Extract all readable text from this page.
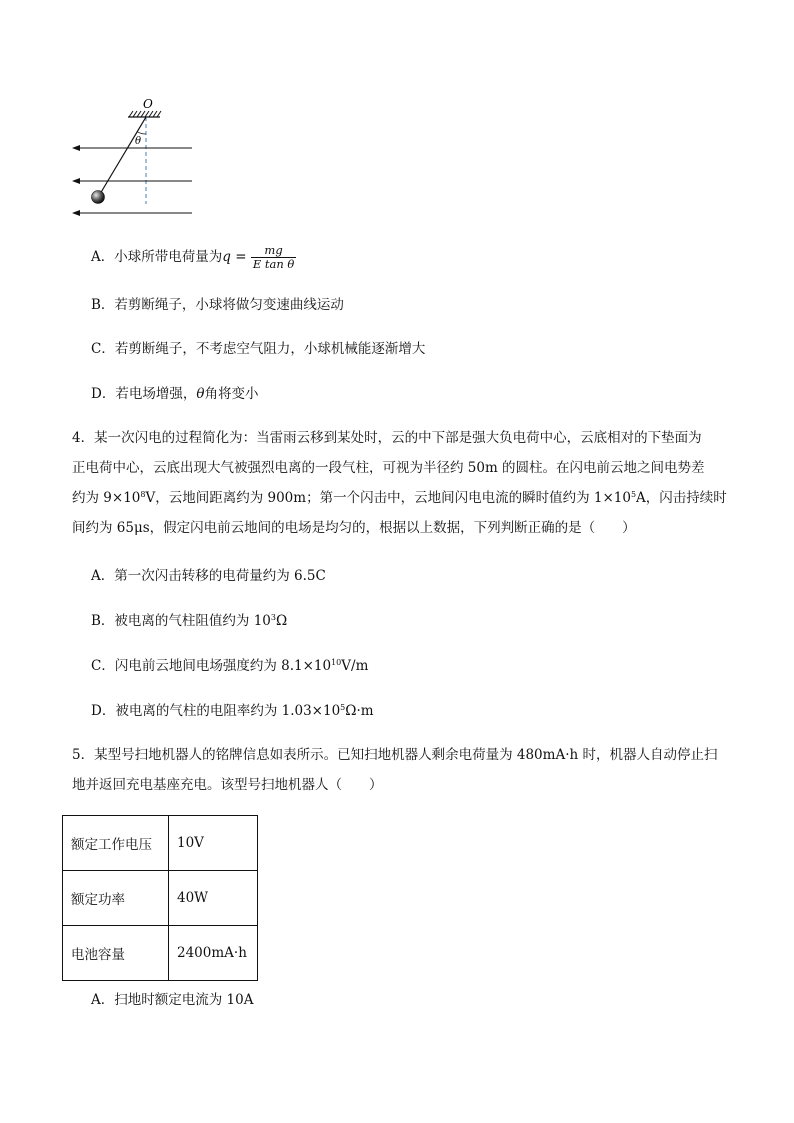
O
θ
A．小球所带电荷量为$q = \frac{mg}{\text{E tan θ}}$
B．若剪断绳子，小球将做匀变速曲线运动
C．若剪断绳子，不考虑空气阻力，小球机械能逐渐增大
D．若电场增强，θ角将变小
4．某一次闪电的过程简化为：当雷雨云移到某处时，云的中下部是强大负电荷中心，云底相对的下垫面为
正电荷中心，云底出现大气被强烈电离的一段气柱，可视为半径约 50m 的圆柱。在闪电前云地之间电势差
约为 $9\times 10^8V$，云地间距离约为 900m；第一个闪击中，云地间闪电电流的瞬时值约为 $1\times 10^5A$，闪击持续时
间约为 65μs，假定闪电前云地间的电场是均匀的，根据以上数据，下列判断正确的是（　　）
A．第一次闪击转移的电荷量约为 6.5C
B．被电离的气柱阻值约为 $10^3\Omega$
C．闪电前云地间电场强度约为 $8.1\times 10^{10}V/m$
D．被电离的气柱的电阻率约为 $1.03\times 10^5\Omega\cdot m$
5．某型号扫地机器人的铭牌信息如表所示。已知扫地机器人剩余电荷量为 480mA·h 时，机器人自动停止扫
地并返回充电基座充电。该型号扫地机器人（　　）
额定工作电压	10V
额定功率	40W
电池容量	2400mA·h
A．扫地时额定电流为 10A
